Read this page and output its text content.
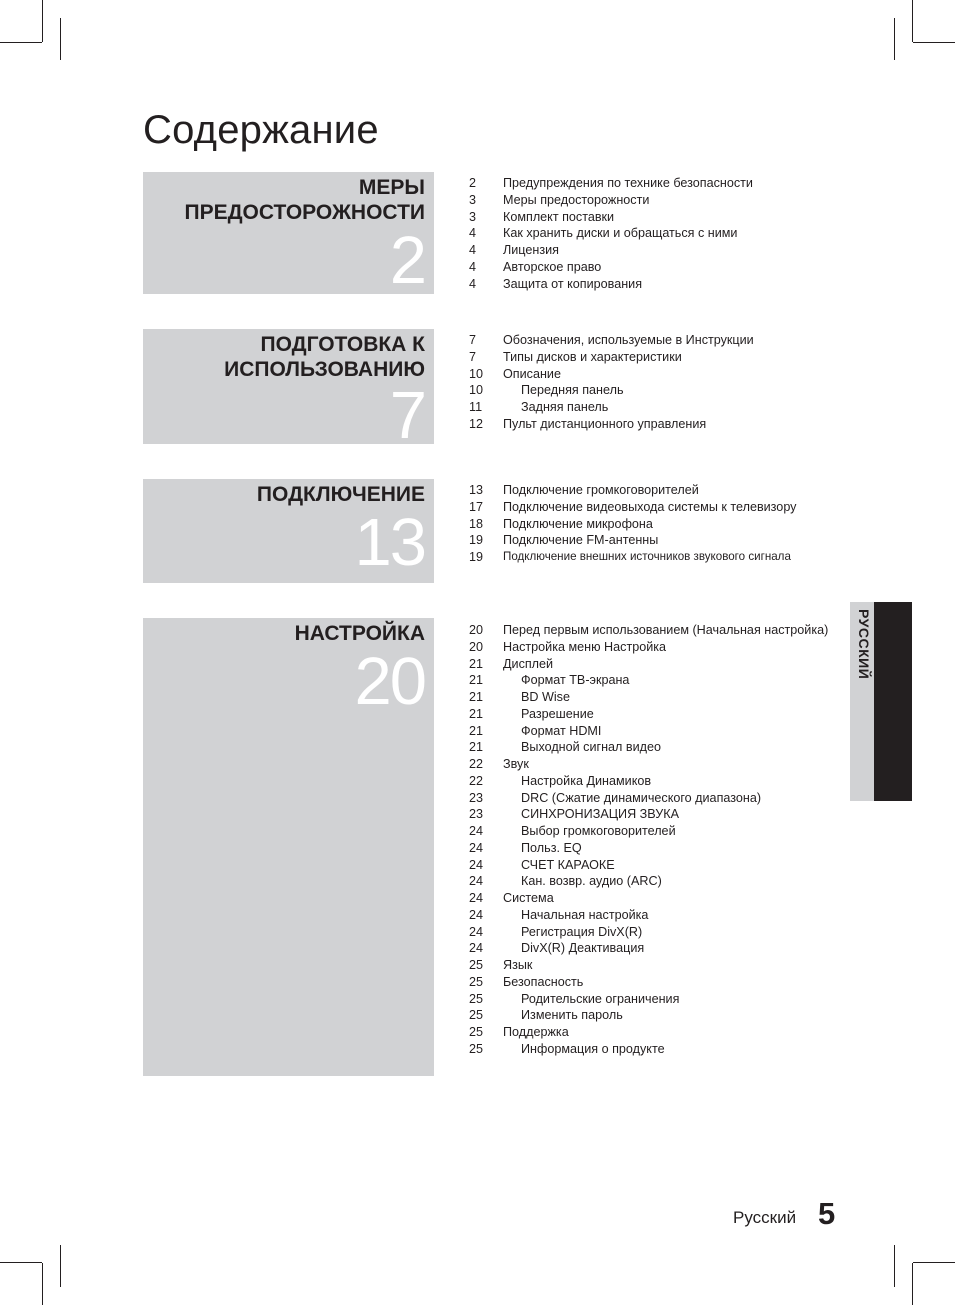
Содержание
МЕРЫ
ПРЕДОСТОРОЖНОСТИ
2
2 Предупреждения по технике безопасности
3 Меры предосторожности
3 Комплект поставки
4 Как хранить диски и обращаться с ними
4 Лицензия
4 Авторское право
4 Защита от копирования
ПОДГОТОВКА К
ИСПОЛЬЗОВАНИЮ
7
7 Обозначения, используемые в Инструкции
7 Типы дисков и характеристики
10 Описание
10	Передняя панель
11	Задняя панель
12 Пульт дистанционного управления
ПОДКЛЮЧЕНИЕ
13
13 Подключение громкоговорителей
17 Подключение видеовыхода системы к телевизору
18 Подключение микрофона
19 Подключение FM-антенны
19 Подключение внешних источников звукового сигнала
НАСТРОЙКА
20
20 Перед первым использованием (Начальная настройка)
20 Настройка меню Настройка
21 Дисплей
21	Формат ТВ-экрана
21	BD Wise
21	Разрешение
21	Формат HDMI
21	Выходной сигнал видео
22 Звук
22	Настройка Динамиков
23	DRC (Сжатие динамического диапазона)
23	СИНХРОНИЗАЦИЯ ЗВУКА
24	Выбор громкоговорителей
24	Польз. EQ
24	СЧЕТ КАРАОКЕ
24	Кан. возвр. аудио (ARC)
24 Система
24	Начальная настройка
24	Регистрация DivX(R)
24	DivX(R) Деактивация
25 Язык
25 Безопасность
25	Родительские ограничения
25	Изменить пароль
25 Поддержка
25	Информация о продукте
РУССКИЙ
Русский 5
